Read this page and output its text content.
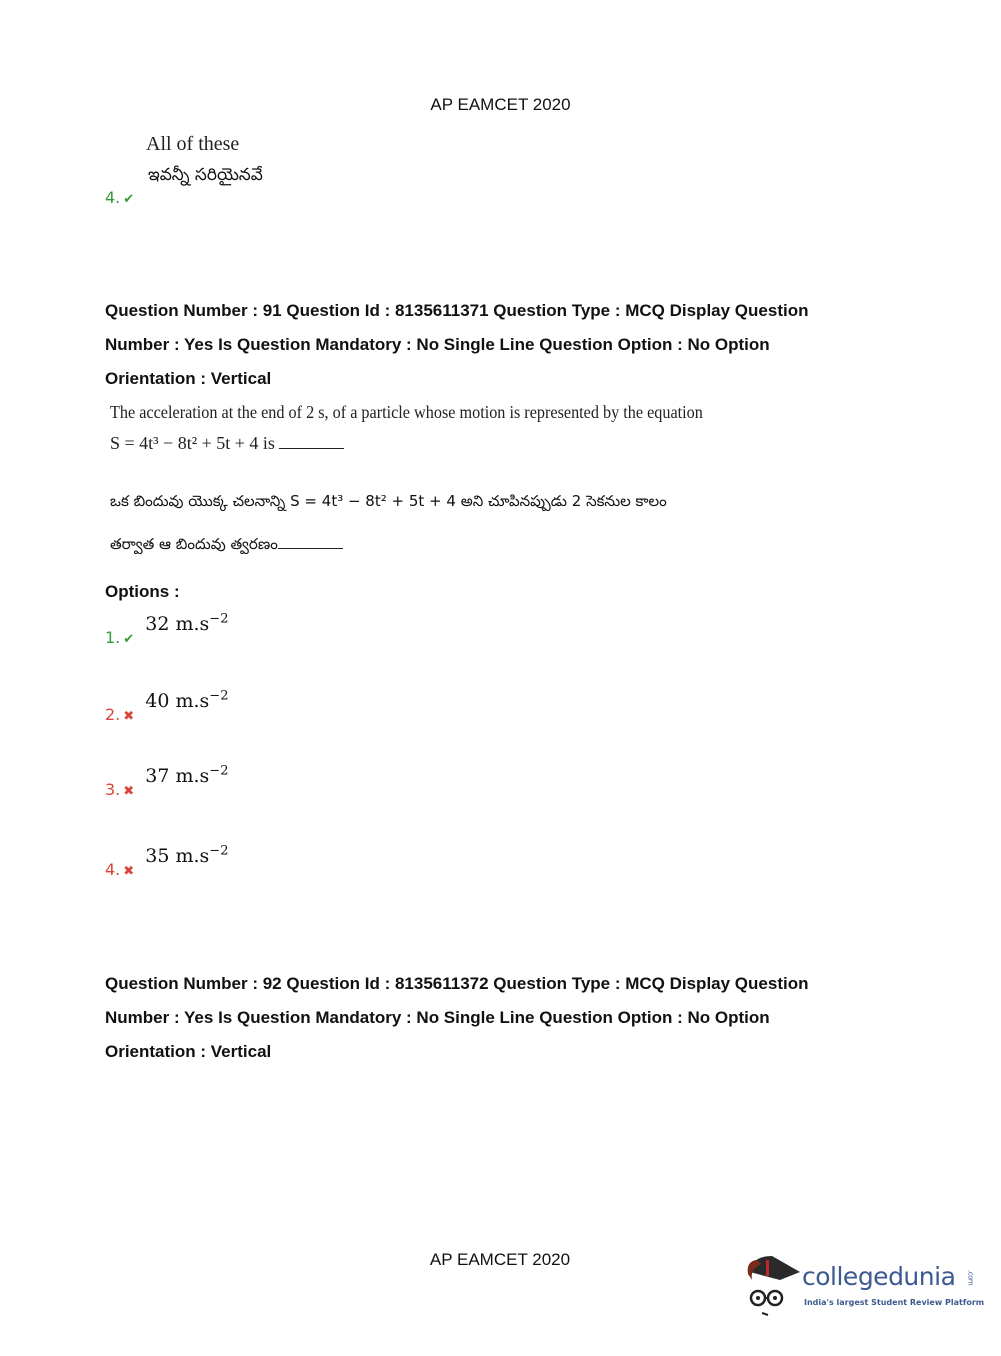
AP EAMCET 2020
All of these
ఇవన్నీ సరియైనవే
4. ✔
Question Number : 91 Question Id : 8135611371 Question Type : MCQ Display Question
Number : Yes Is Question Mandatory : No Single Line Question Option : No Option
Orientation : Vertical
The acceleration at the end of 2 s, of a particle whose motion is represented by the equation
S = 4t³ − 8t² + 5t + 4 is
ఒక బిందువు యొక్క చలనాన్ని S = 4t³ − 8t² + 5t + 4 అని చూపినప్పుడు 2 సెకనుల కాలం
తర్వాత ఆ బిందువు త్వరణం
Options :
1. $_✔$ 32 $m.s^{-2}$
2. $_✖$ 40 $m.s^{-2}$
3. $_✖$ 37 $m.s^{-2}$
4. $_✖$ 35 $m.s^{-2}$
Question Number : 92 Question Id : 8135611372 Question Type : MCQ Display Question
Number : Yes Is Question Mandatory : No Single Line Question Option : No Option
Orientation : Vertical
AP EAMCET 2020
collegedunia .com
India's largest Student Review Platform
